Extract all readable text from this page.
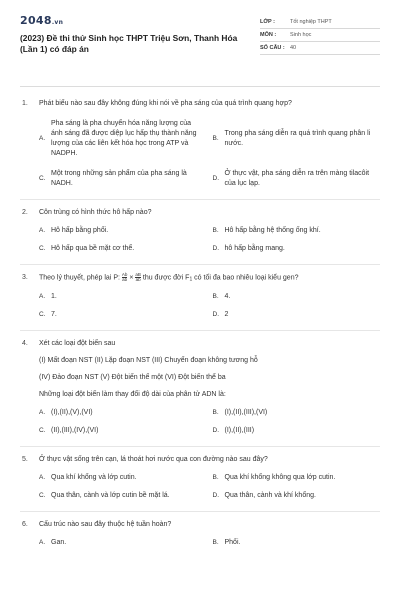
2048.vn
(2023) Đề thi thử Sinh học THPT Triệu Sơn, Thanh Hóa (Lần 1) có đáp án
LỚP :	Tốt nghiệp THPT
MÔN :	Sinh học
SỐ CÂU : 40
1.	Phát biểu nào sau đây không đúng khi nói về pha sáng của quá trình quang hợp?
A.
Pha sáng là pha chuyển hóa năng lượng của ánh sáng đã được diệp lục hấp thụ thành năng lượng của các liên kết hóa học trong ATP và NADPH.
B.
Trong pha sáng diễn ra quá trình quang phân li nước.
C.
Một trong những sản phẩm của pha sáng là NADH.
D.
Ở thực vật, pha sáng diễn ra trên màng tilacôit của lục lạp.
2.	Côn trùng có hình thức hô hấp nào?
A. Hô hấp bằng phổi.	B. Hô hấp bằng hệ thống ống khí.
C. Hô hấp qua bề mặt cơ thể.	D. hô hấp bằng mang.
3.	Theo lý thuyết, phép lai P: $\frac{Ab}{ab} \times \frac{aB}{ab}$ thu được đời $F_1$ có tối đa bao nhiêu loại kiểu gen?
A. 1.	B. 4.
C. 7.	D. 2
4.	Xét các loại đột biến sau
(I) Mất đoạn NST (II) Lặp đoạn NST (III) Chuyển đoạn không tương hỗ
(IV) Đảo đoạn NST (V) Đột biến thể một (VI) Đột biến thể ba
Những loại đột biến làm thay đổi độ dài của phân tử ADN là:
A. (I),(II),(V),(VI)	B. (I),(II),(III),(VI)
C. (II),(III),(IV),(VI)	D. (I),(II),(III)
5.	Ở thực vật sống trên cạn, lá thoát hơi nước qua con đường nào sau đây?
A. Qua khí khổng và lớp cutin.	B. Qua khí khổng không qua lớp cutin.
C. Qua thân, cành và lớp cutin bề mặt lá.	D. Qua thân, cành và khí khổng.
6.	Cấu trúc nào sau đây thuộc hệ tuần hoàn?
A. Gan.	B. Phổi.
